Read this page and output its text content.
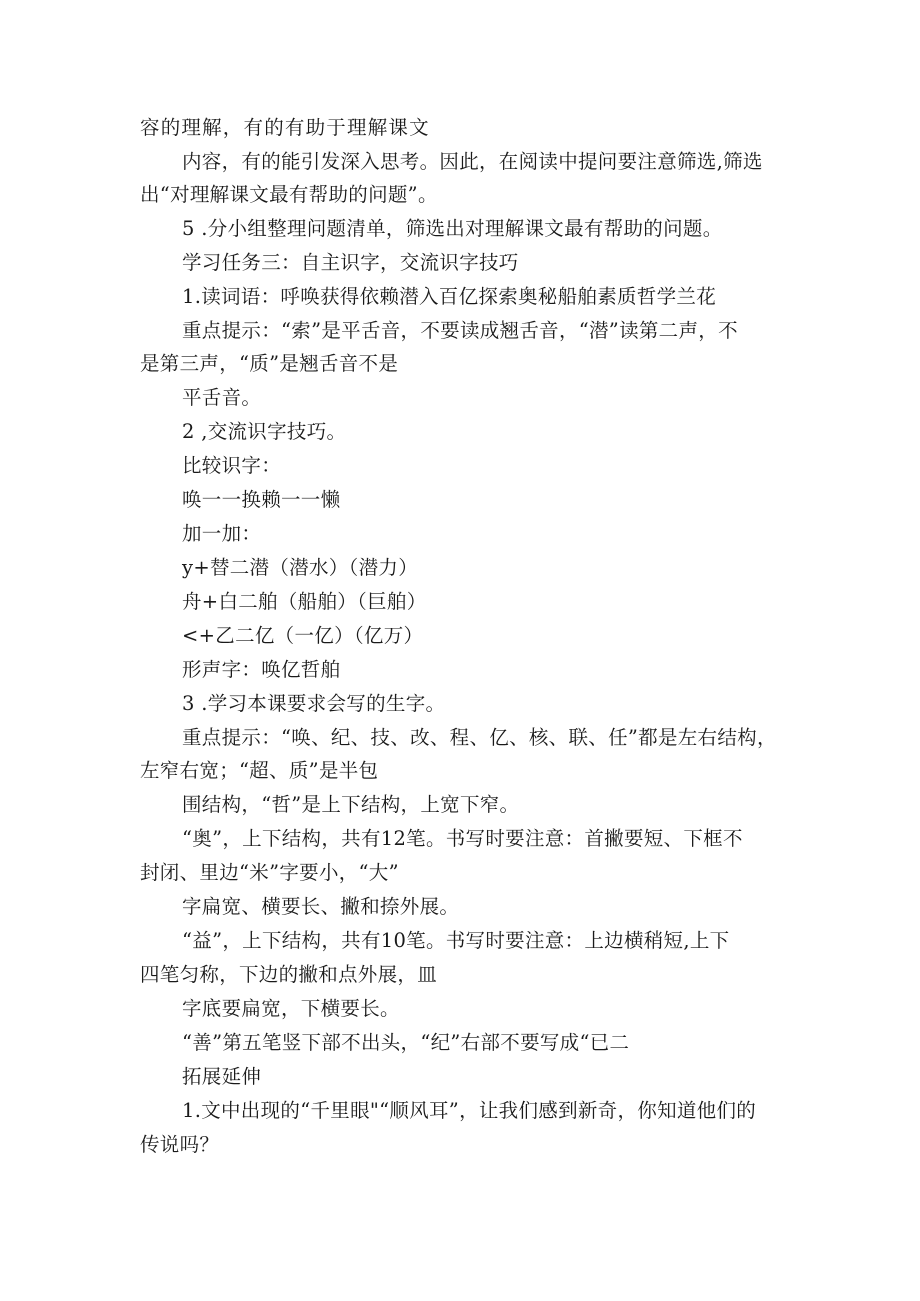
容的理解，有的有助于理解课文
内容，有的能引发深入思考。因此，在阅读中提问要注意筛选,筛选
出“对理解课文最有帮助的问题”。
5 .分小组整理问题清单，筛选出对理解课文最有帮助的问题。
学习任务三：自主识字，交流识字技巧
1.读词语：呼唤获得依赖潜入百亿探索奥秘船舶素质哲学兰花
重点提示：“索”是平舌音，不要读成翘舌音，“潜”读第二声，不
是第三声，“质”是翘舌音不是
平舌音。
2 ,交流识字技巧。
比较识字：
唤一一换赖一一懒
加一加：
y+替二潜（潜水）（潜力）
舟+白二舶（船舶）（巨舶）
<+乙二亿（一亿）（亿万）
形声字：唤亿哲舶
3 .学习本课要求会写的生字。
重点提示：“唤、纪、技、改、程、亿、核、联、任”都是左右结构，
左窄右宽；“超、质”是半包
围结构，“哲”是上下结构，上宽下窄。
“奥”，上下结构，共有12笔。书写时要注意：首撇要短、下框不
封闭、里边“米”字要小，“大”
字扁宽、横要长、撇和捺外展。
“益”，上下结构，共有10笔。书写时要注意：上边横稍短,上下
四笔匀称，下边的撇和点外展，皿
字底要扁宽，下横要长。
“善”第五笔竖下部不出头，“纪”右部不要写成“已二
拓展延伸
1.文中出现的“千里眼"“顺风耳”，让我们感到新奇，你知道他们的
传说吗？
